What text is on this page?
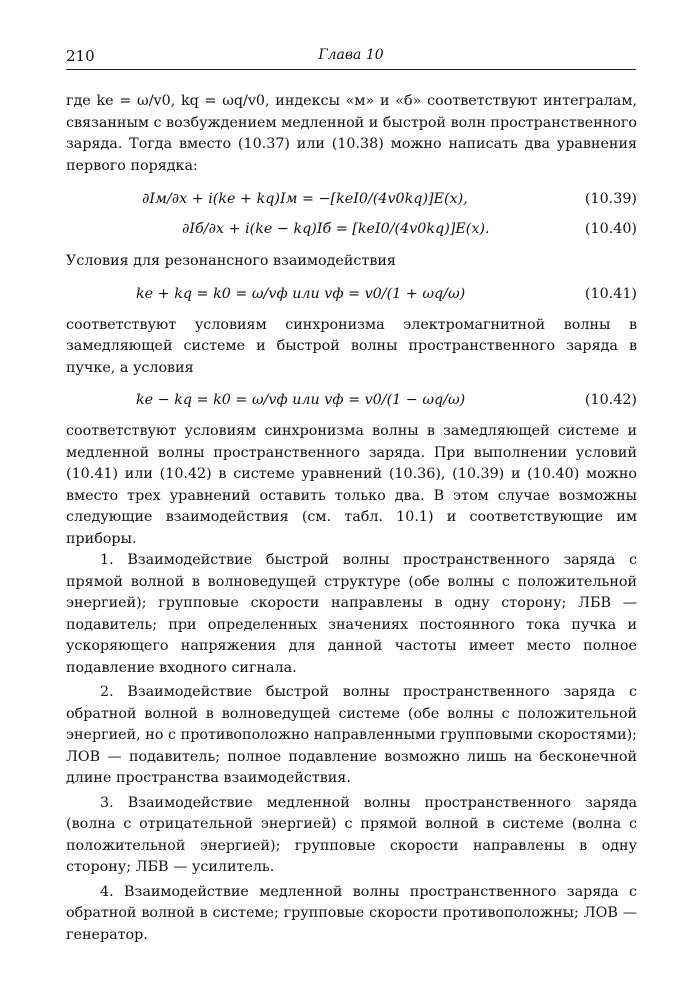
210	Глава 10

где ke = ω/v0, kq = ωq/v0, индексы «м» и «б» соответствуют интегралам, связанным с возбуждением медленной и быстрой волн пространственного заряда. Тогда вместо (10.37) или (10.38) можно написать два уравнения первого порядка:

∂Iм/∂x + i(ke + kq)Iм = −[keI0/(4v0kq)]E(x),	(10.39)
∂Iб/∂x + i(ke − kq)Iб = [keI0/(4v0kq)]E(x).	(10.40)

Условия для резонансного взаимодействия

ke + kq = k0 = ω/vф или vф = v0/(1 + ωq/ω)	(10.41)

соответствуют условиям синхронизма электромагнитной волны в замедляющей системе и быстрой волны пространственного заряда в пучке, а условия

ke − kq = k0 = ω/vф или vф = v0/(1 − ωq/ω)	(10.42)

соответствуют условиям синхронизма волны в замедляющей системе и медленной волны пространственного заряда. При выполнении условий (10.41) или (10.42) в системе уравнений (10.36), (10.39) и (10.40) можно вместо трех уравнений оставить только два. В этом случае возможны следующие взаимодействия (см. табл. 10.1) и соответствующие им приборы.

1. Взаимодействие быстрой волны пространственного заряда с прямой волной в волноведущей структуре (обе волны с положительной энергией); групповые скорости направлены в одну сторону; ЛБВ — подавитель; при определенных значениях постоянного тока пучка и ускоряющего напряжения для данной частоты имеет место полное подавление входного сигнала.

2. Взаимодействие быстрой волны пространственного заряда с обратной волной в волноведущей системе (обе волны с положительной энергией, но с противоположно направленными групповыми скоростями); ЛОВ — подавитель; полное подавление возможно лишь на бесконечной длине пространства взаимодействия.

3. Взаимодействие медленной волны пространственного заряда (волна с отрицательной энергией) с прямой волной в системе (волна с положительной энергией); групповые скорости направлены в одну сторону; ЛБВ — усилитель.

4. Взаимодействие медленной волны пространственного заряда с обратной волной в системе; групповые скорости противоположны; ЛОВ — генератор.
